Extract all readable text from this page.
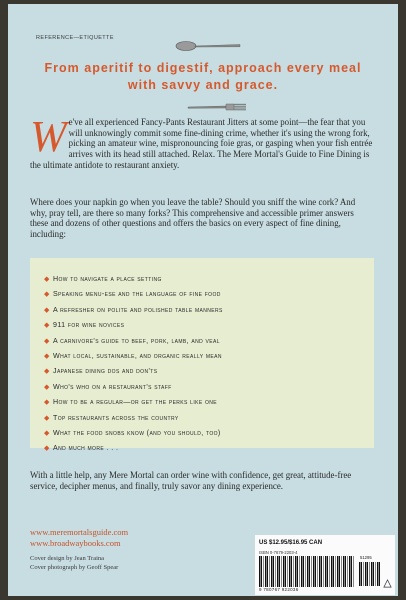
REFERENCE—ETIQUETTE
From aperitif to digestif, approach every meal with savvy and grace.
W e've all experienced Fancy-Pants Restaurant Jitters at some point—the fear that you will unknowingly commit some fine-dining crime, whether it's using the wrong fork, picking an amateur wine, mispronouncing foie gras, or gasping when your fish entrée arrives with its head still attached. Relax. The Mere Mortal's Guide to Fine Dining is the ultimate antidote to restaurant anxiety.
Where does your napkin go when you leave the table? Should you sniff the wine cork? And why, pray tell, are there so many forks? This comprehensive and accessible primer answers these and dozens of other questions and offers the basics on every aspect of fine dining, including:
◆ How to navigate a place setting
◆ Speaking menu-ese and the language of fine food
◆ A refresher on polite and polished table manners
◆ 911 for wine novices
◆ A carnivore's guide to beef, pork, lamb, and veal
◆ What local, sustainable, and organic really mean
◆ Japanese dining dos and don'ts
◆ Who's who on a restaurant's staff
◆ How to be a regular—or get the perks like one
◆ Top restaurants across the country
◆ What the food snobs know (and you should, too)
◆ And much more . . .
With a little help, any Mere Mortal can order wine with confidence, get great, attitude-free service, decipher menus, and finally, truly savor any dining experience.
www.meremortalsguide.com
www.broadwaybooks.com
Cover design by Jean Traina
Cover photograph by Geoff Spear
US $12.95/$16.95 CAN
ISBN 0-7679-2203-4
51295
9 780767 922036
